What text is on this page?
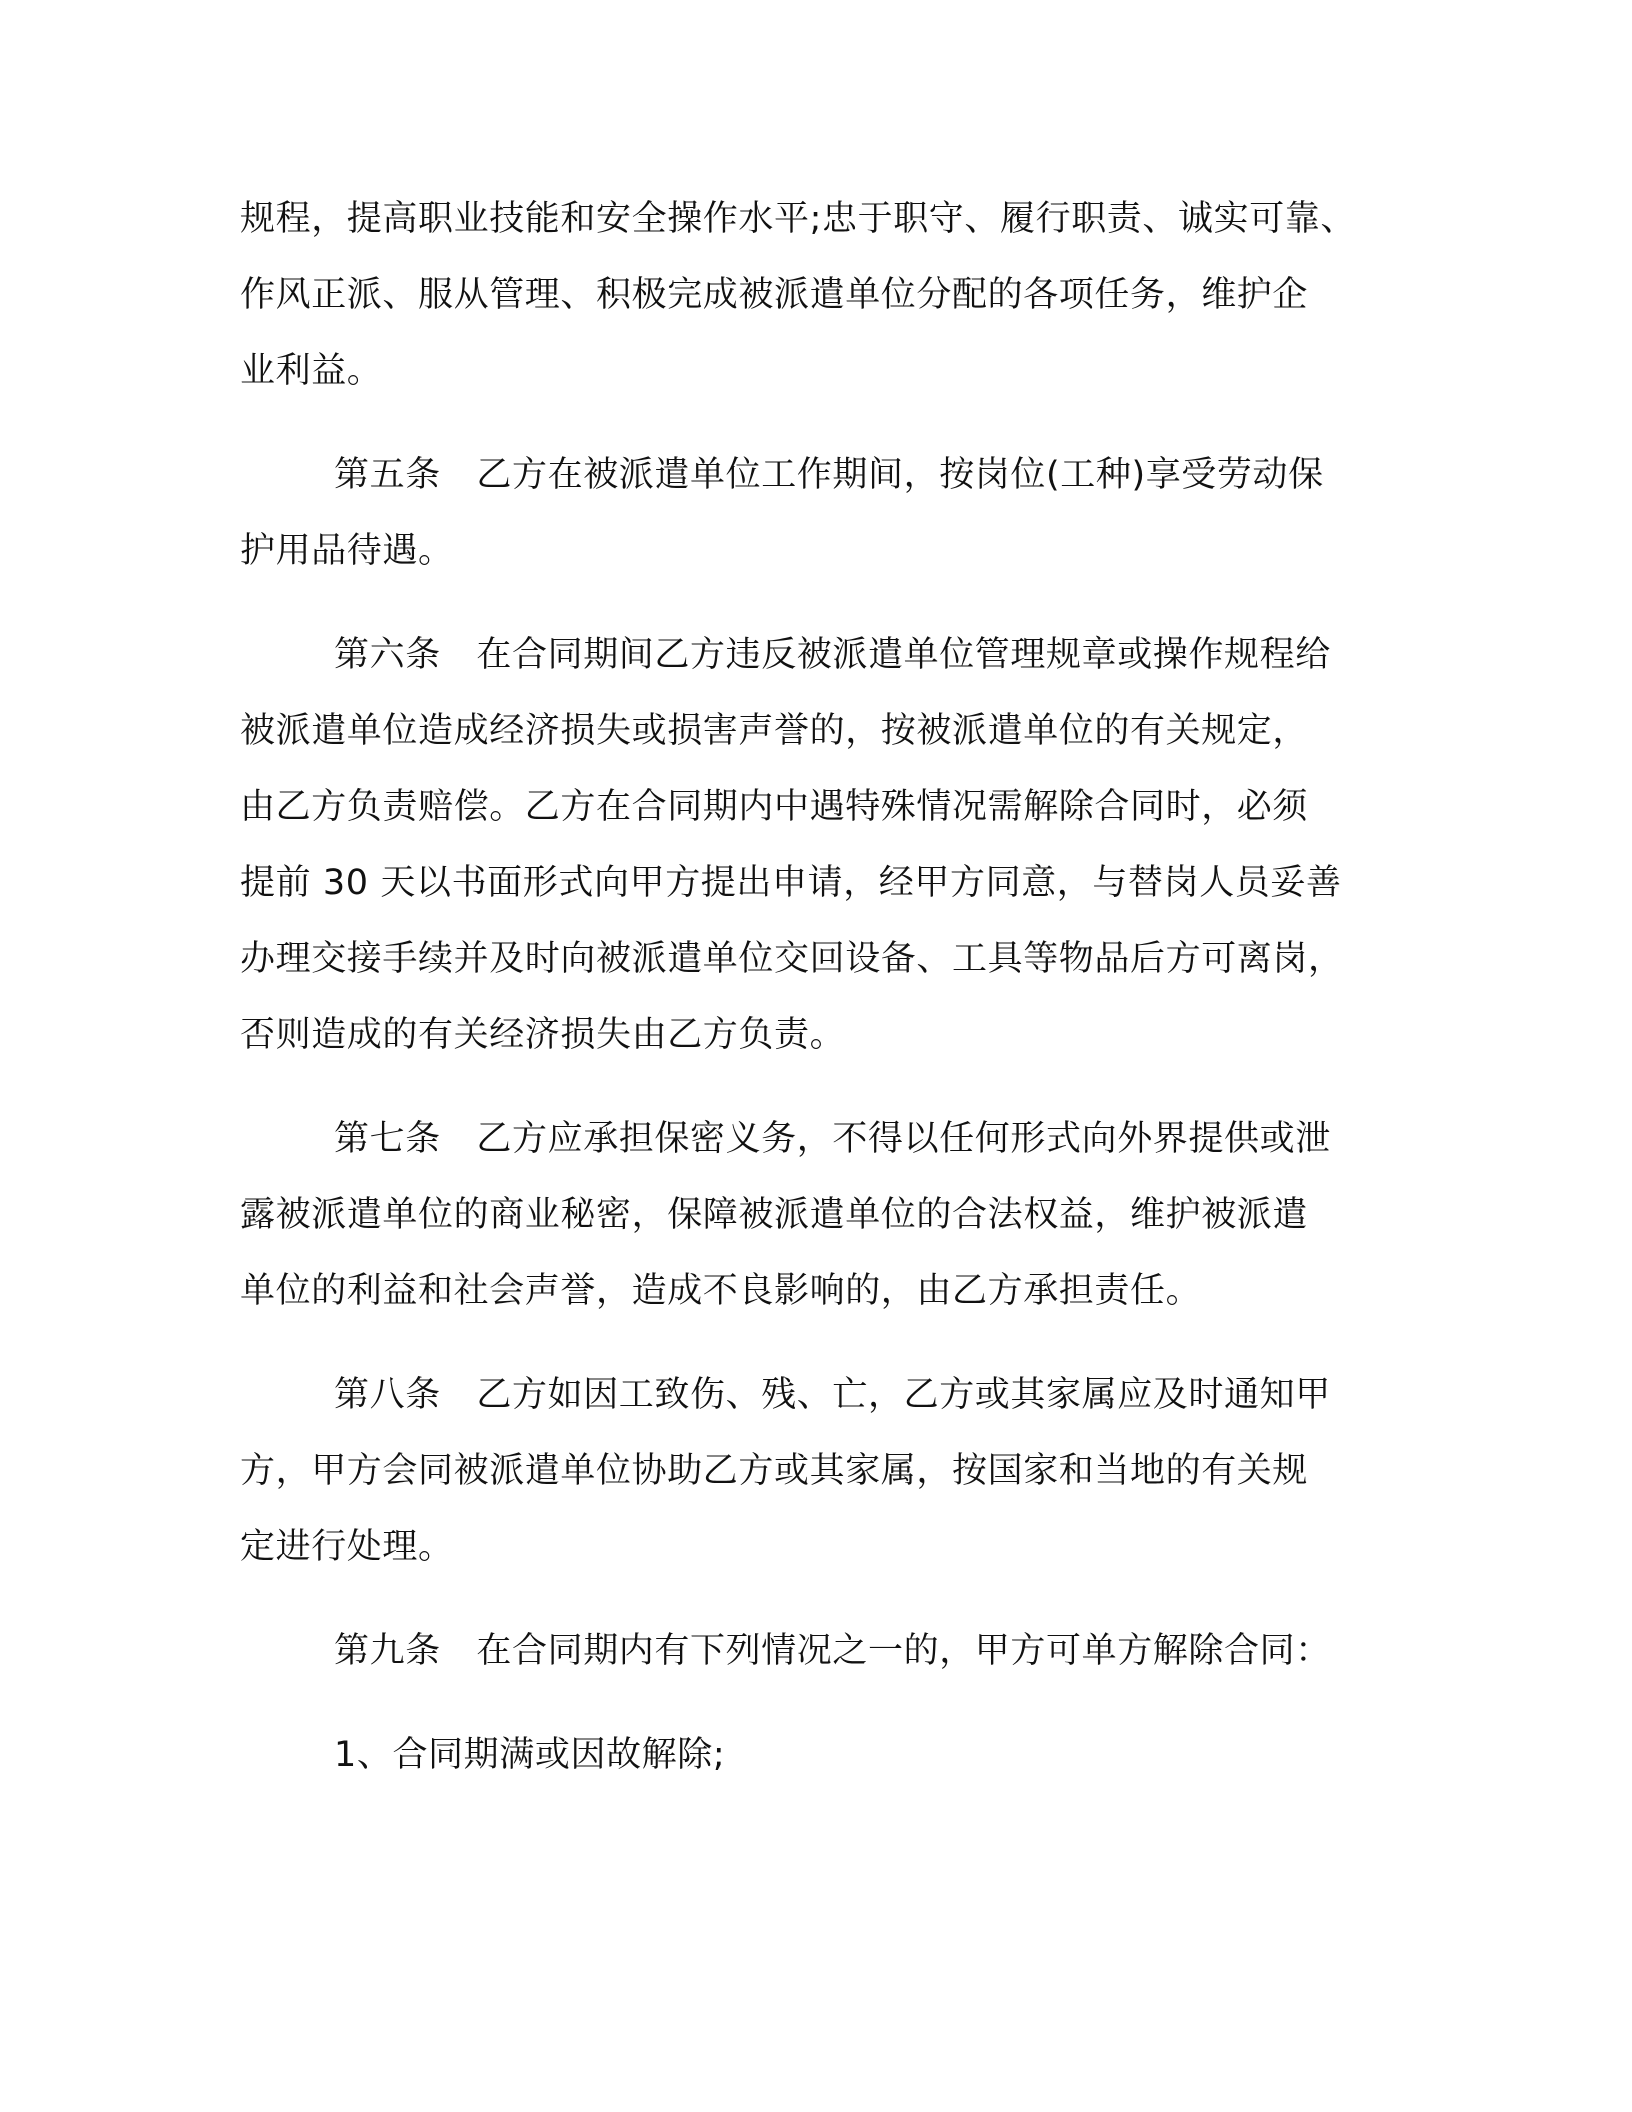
规程，提高职业技能和安全操作水平;忠于职守、履行职责、诚实可靠、
作风正派、服从管理、积极完成被派遣单位分配的各项任务，维护企
业利益。
第五条　乙方在被派遣单位工作期间，按岗位(工种)享受劳动保
护用品待遇。
第六条　在合同期间乙方违反被派遣单位管理规章或操作规程给
被派遣单位造成经济损失或损害声誉的，按被派遣单位的有关规定，
由乙方负责赔偿。乙方在合同期内中遇特殊情况需解除合同时，必须
提前 30 天以书面形式向甲方提出申请，经甲方同意，与替岗人员妥善
办理交接手续并及时向被派遣单位交回设备、工具等物品后方可离岗，
否则造成的有关经济损失由乙方负责。
第七条　乙方应承担保密义务，不得以任何形式向外界提供或泄
露被派遣单位的商业秘密，保障被派遣单位的合法权益，维护被派遣
单位的利益和社会声誉，造成不良影响的，由乙方承担责任。
第八条　乙方如因工致伤、残、亡，乙方或其家属应及时通知甲
方，甲方会同被派遣单位协助乙方或其家属，按国家和当地的有关规
定进行处理。
第九条　在合同期内有下列情况之一的，甲方可单方解除合同：
1、合同期满或因故解除;
